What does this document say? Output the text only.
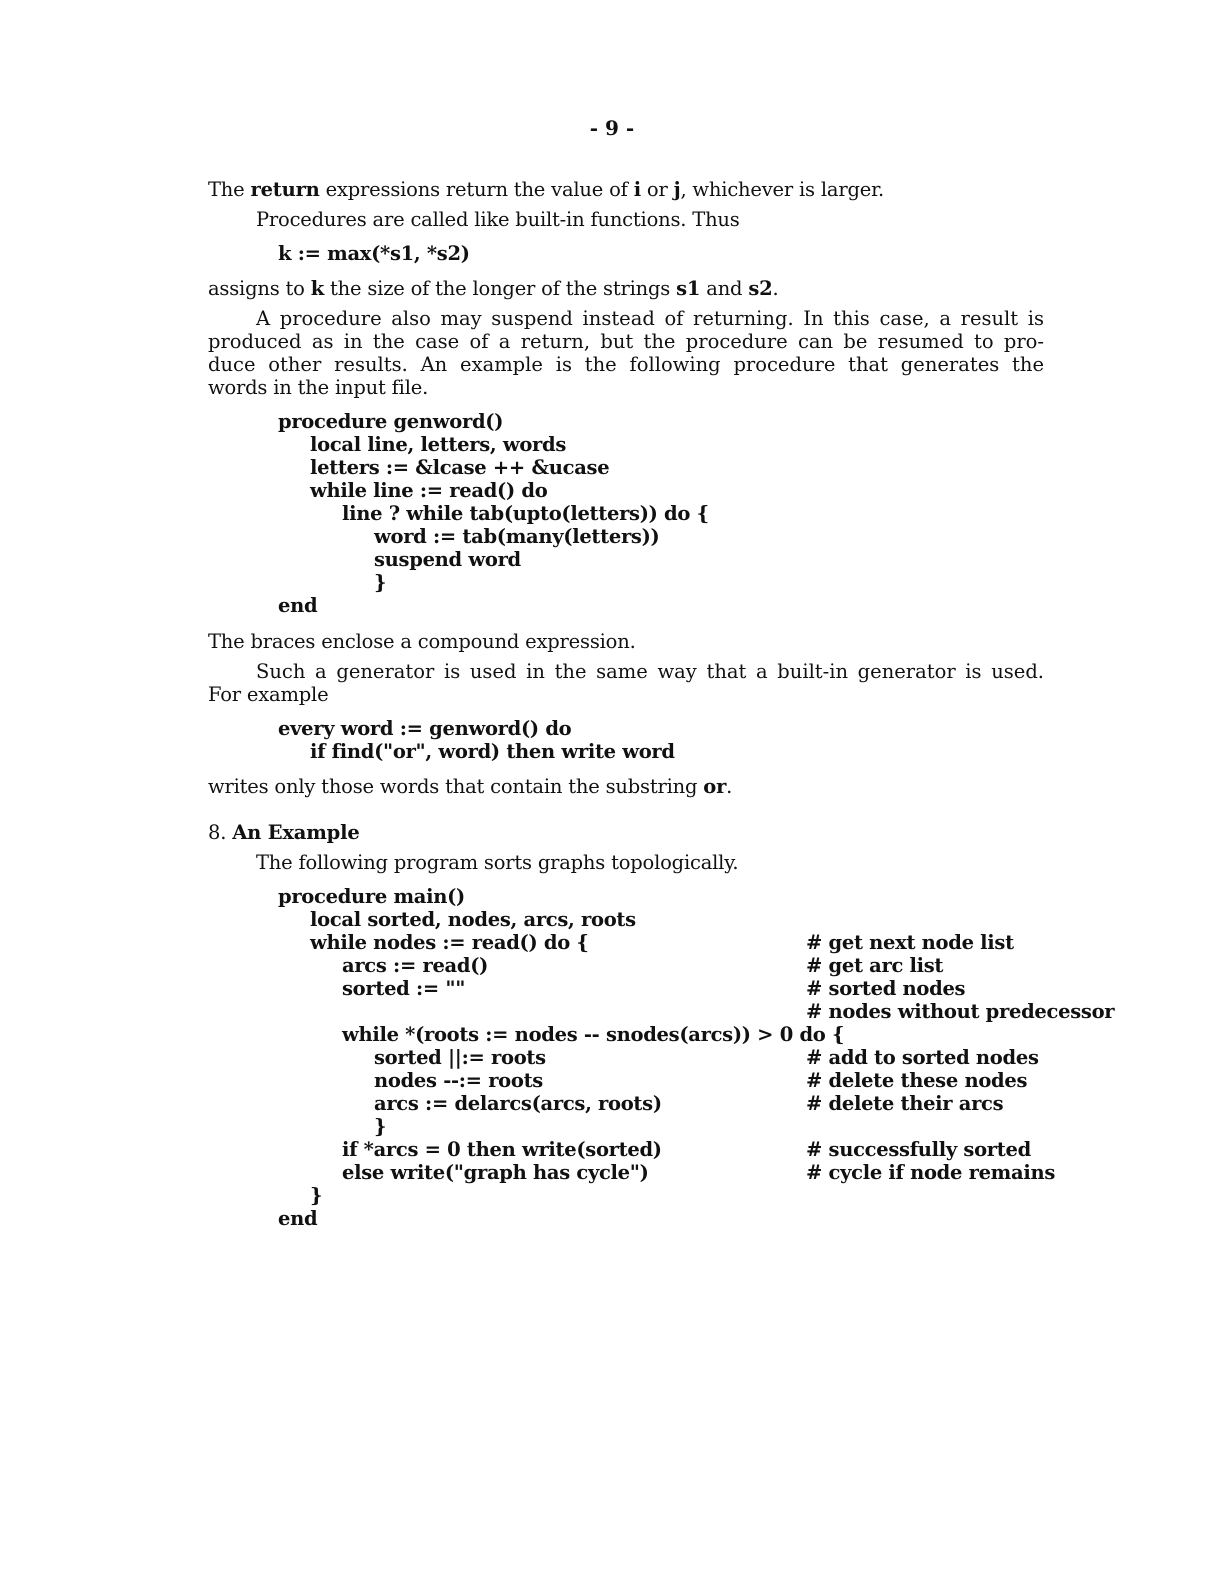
- 9 -
The return expressions return the value of i or j, whichever is larger.
Procedures are called like built-in functions. Thus
k := max(*s1, *s2)
assigns to k the size of the longer of the strings s1 and s2.
A procedure also may suspend instead of returning. In this case, a result is
produced as in the case of a return, but the procedure can be resumed to pro-
duce other results. An example is the following procedure that generates the
words in the input file.
procedure genword()
local line, letters, words
letters := &lcase ++ &ucase
while line := read() do
line ? while tab(upto(letters)) do {
word := tab(many(letters))
suspend word
}
end
The braces enclose a compound expression.
Such a generator is used in the same way that a built-in generator is used.
For example
every word := genword() do
if find("or", word) then write word
writes only those words that contain the substring or.
8. An Example
The following program sorts graphs topologically.
procedure main()
local sorted, nodes, arcs, roots
while nodes := read() do {
arcs := read()
sorted := ""
while *(roots := nodes -- snodes(arcs)) > 0 do {
sorted ||:= roots
nodes --:= roots
arcs := delarcs(arcs, roots)
}
if *arcs = 0 then write(sorted)
else write("graph has cycle")
}
end
# get next node list
# get arc list
# sorted nodes
# nodes without predecessor
# add to sorted nodes
# delete these nodes
# delete their arcs
# successfully sorted
# cycle if node remains
